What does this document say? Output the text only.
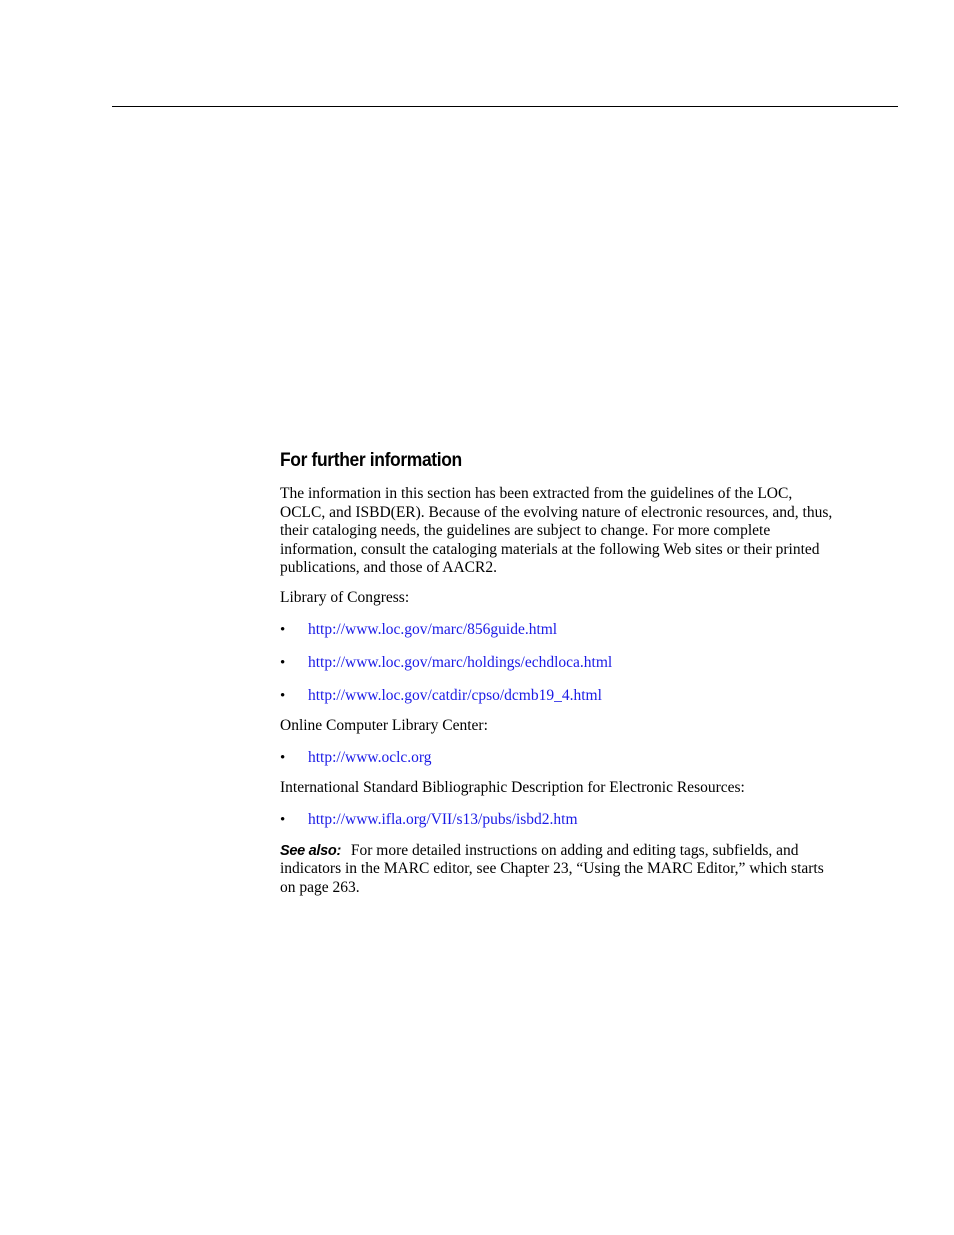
For further information

The information in this section has been extracted from the guidelines of the LOC, OCLC, and ISBD(ER). Because of the evolving nature of electronic resources, and, thus, their cataloging needs, the guidelines are subject to change. For more complete information, consult the cataloging materials at the following Web sites or their printed publications, and those of AACR2.

Library of Congress:

• http://www.loc.gov/marc/856guide.html
• http://www.loc.gov/marc/holdings/echdloca.html
• http://www.loc.gov/catdir/cpso/dcmb19_4.html

Online Computer Library Center:

• http://www.oclc.org

International Standard Bibliographic Description for Electronic Resources:

• http://www.ifla.org/VII/s13/pubs/isbd2.htm

See also: For more detailed instructions on adding and editing tags, subfields, and indicators in the MARC editor, see Chapter 23, “Using the MARC Editor,” which starts on page 263.
